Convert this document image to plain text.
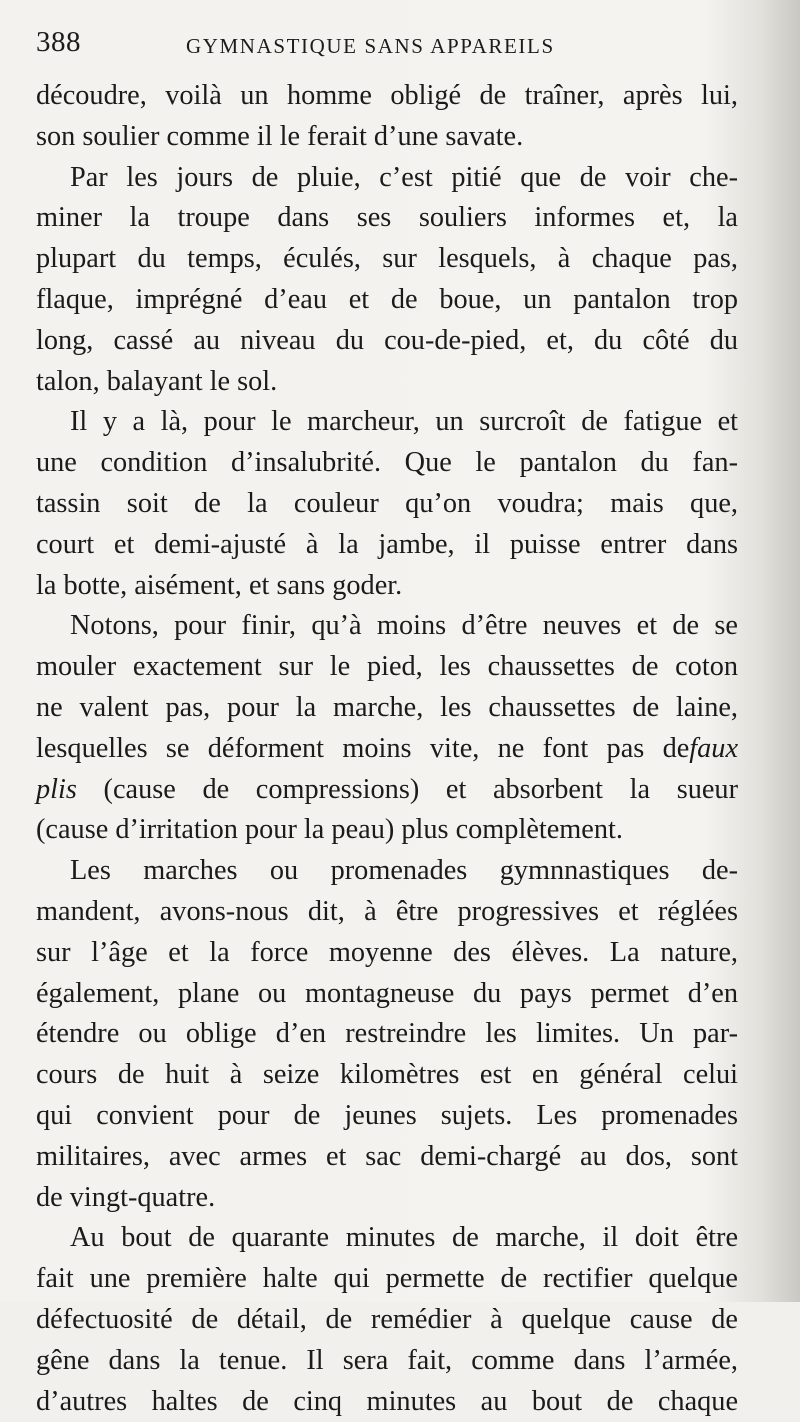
388	GYMNASTIQUE SANS APPAREILS
découdre, voilà un homme obligé de traîner, après lui,
son soulier comme il le ferait d’une savate.
Par les jours de pluie, c’est pitié que de voir che-
miner la troupe dans ses souliers informes et, la
plupart du temps, éculés, sur lesquels, à chaque pas,
flaque, imprégné d’eau et de boue, un pantalon trop
long, cassé au niveau du cou-de-pied, et, du côté du
talon, balayant le sol.
Il y a là, pour le marcheur, un surcroît de fatigue et
une condition d’insalubrité. Que le pantalon du fan-
tassin soit de la couleur qu’on voudra; mais que,
court et demi-ajusté à la jambe, il puisse entrer dans
la botte, aisément, et sans goder.
Notons, pour finir, qu’à moins d’être neuves et de se
mouler exactement sur le pied, les chaussettes de coton
ne valent pas, pour la marche, les chaussettes de laine,
lesquelles se déforment moins vite, ne font pas defaux
plis (cause de compressions) et absorbent la sueur
(cause d’irritation pour la peau) plus complètement.
Les marches ou promenades gymnnastiques de-
mandent, avons-nous dit, à être progressives et réglées
sur l’âge et la force moyenne des élèves. La nature,
également, plane ou montagneuse du pays permet d’en
étendre ou oblige d’en restreindre les limites. Un par-
cours de huit à seize kilomètres est en général celui
qui convient pour de jeunes sujets. Les promenades
militaires, avec armes et sac demi-chargé au dos, sont
de vingt-quatre.
Au bout de quarante minutes de marche, il doit être
fait une première halte qui permette de rectifier quelque
défectuosité de détail, de remédier à quelque cause de
gêne dans la tenue. Il sera fait, comme dans l’armée,
d’autres haltes de cinq minutes au bout de chaque
